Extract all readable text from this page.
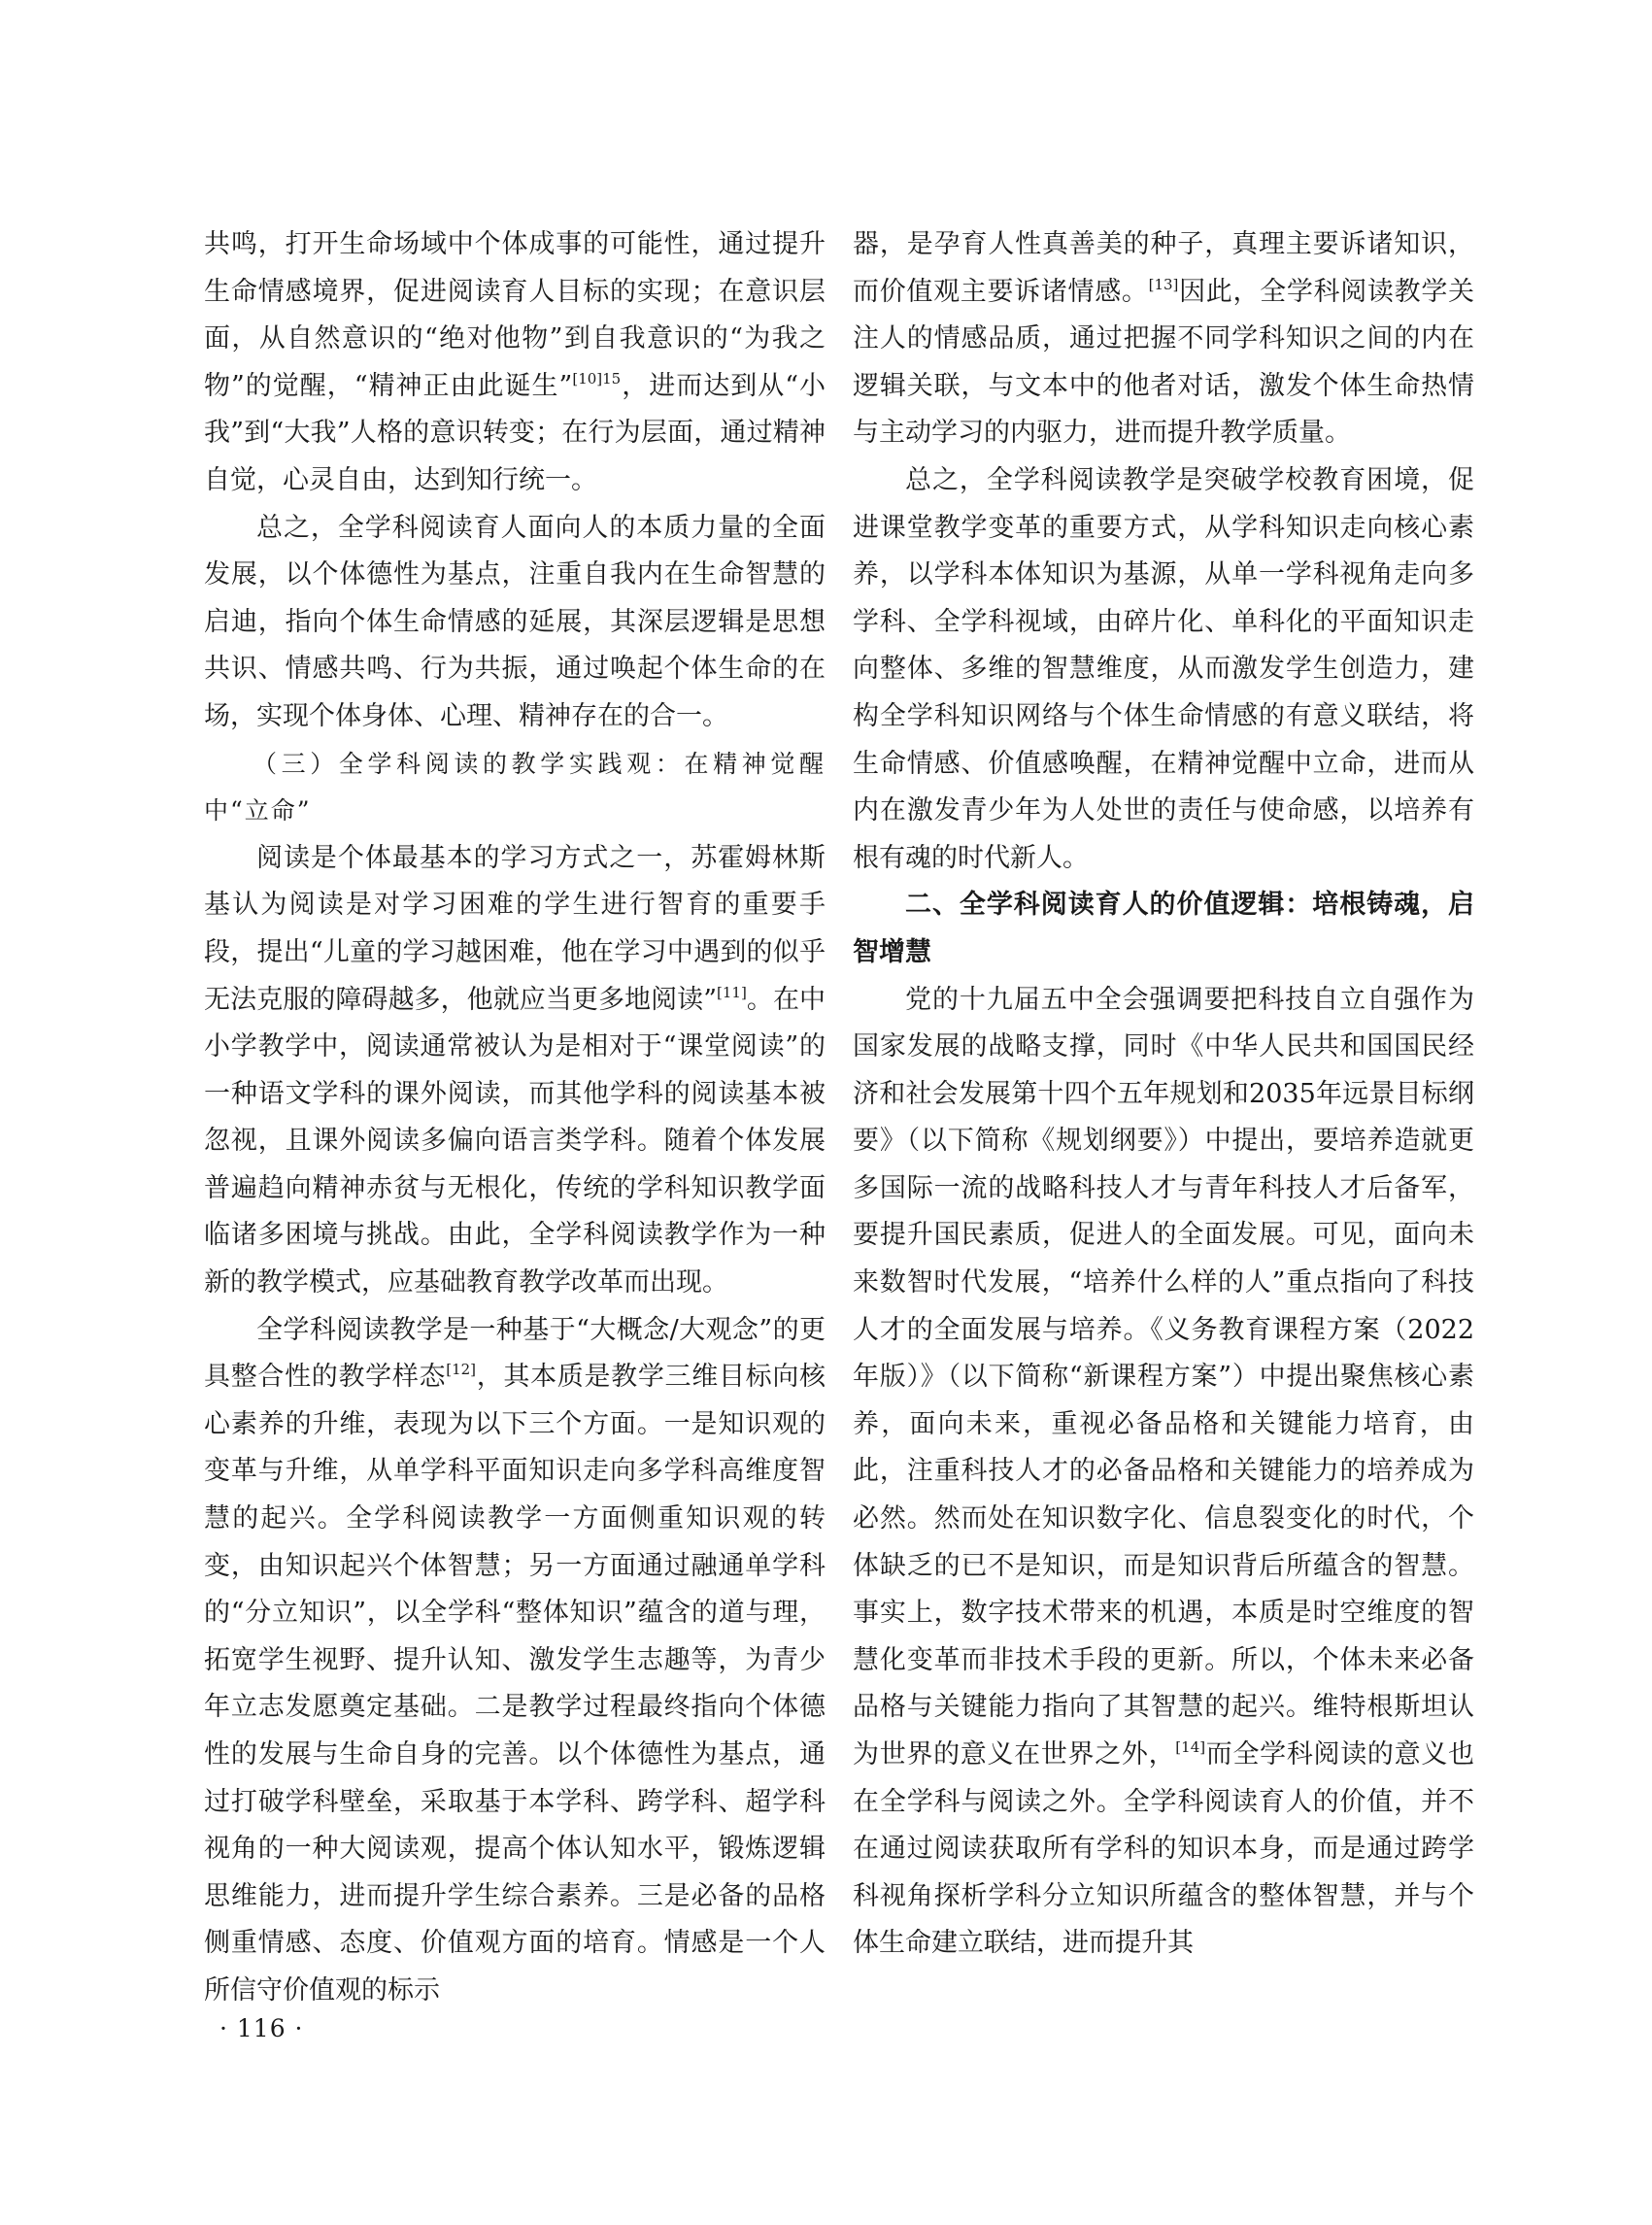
共鸣，打开生命场域中个体成事的可能性，通过提升生命情感境界，促进阅读育人目标的实现；在意识层面，从自然意识的“绝对他物”到自我意识的“为我之物”的觉醒，“精神正由此诞生”$^{[10]15}$，进而达到从“小我”到“大我”人格的意识转变；在行为层面，通过精神自觉，心灵自由，达到知行统一。

总之，全学科阅读育人面向人的本质力量的全面发展，以个体德性为基点，注重自我内在生命智慧的启迪，指向个体生命情感的延展，其深层逻辑是思想共识、情感共鸣、行为共振，通过唤起个体生命的在场，实现个体身体、心理、精神存在的合一。

（三）全学科阅读的教学实践观：在精神觉醒中“立命”

阅读是个体最基本的学习方式之一，苏霍姆林斯基认为阅读是对学习困难的学生进行智育的重要手段，提出“儿童的学习越困难，他在学习中遇到的似乎无法克服的障碍越多，他就应当更多地阅读”[11]。在中小学教学中，阅读通常被认为是相对于“课堂阅读”的一种语文学科的课外阅读，而其他学科的阅读基本被忽视，且课外阅读多偏向语言类学科。随着个体发展普遍趋向精神赤贫与无根化，传统的学科知识教学面临诸多困境与挑战。由此，全学科阅读教学作为一种新的教学模式，应基础教育教学改革而出现。

全学科阅读教学是一种基于“大概念/大观念”的更具整合性的教学样态[12]，其本质是教学三维目标向核心素养的升维，表现为以下三个方面。一是知识观的变革与升维，从单学科平面知识走向多学科高维度智慧的起兴。全学科阅读教学一方面侧重知识观的转变，由知识起兴个体智慧；另一方面通过融通单学科的“分立知识”，以全学科“整体知识”蕴含的道与理，拓宽学生视野、提升认知、激发学生志趣等，为青少年立志发愿奠定基础。二是教学过程最终指向个体德性的发展与生命自身的完善。以个体德性为基点，通过打破学科壁垒，采取基于本学科、跨学科、超学科视角的一种大阅读观，提高个体认知水平，锻炼逻辑思维能力，进而提升学生综合素养。三是必备的品格侧重情感、态度、价值观方面的培育。情感是一个人所信守价值观的标示

器，是孕育人性真善美的种子，真理主要诉诸知识，而价值观主要诉诸情感。[13]因此，全学科阅读教学关注人的情感品质，通过把握不同学科知识之间的内在逻辑关联，与文本中的他者对话，激发个体生命热情与主动学习的内驱力，进而提升教学质量。

总之，全学科阅读教学是突破学校教育困境，促进课堂教学变革的重要方式，从学科知识走向核心素养，以学科本体知识为基源，从单一学科视角走向多学科、全学科视域，由碎片化、单科化的平面知识走向整体、多维的智慧维度，从而激发学生创造力，建构全学科知识网络与个体生命情感的有意义联结，将生命情感、价值感唤醒，在精神觉醒中立命，进而从内在激发青少年为人处世的责任与使命感，以培养有根有魂的时代新人。

二、全学科阅读育人的价值逻辑：培根铸魂，启智增慧

党的十九届五中全会强调要把科技自立自强作为国家发展的战略支撑，同时《中华人民共和国国民经济和社会发展第十四个五年规划和2035年远景目标纲要》（以下简称《规划纲要》）中提出，要培养造就更多国际一流的战略科技人才与青年科技人才后备军，要提升国民素质，促进人的全面发展。可见，面向未来数智时代发展，“培养什么样的人”重点指向了科技人才的全面发展与培养。《义务教育课程方案（2022年版）》（以下简称“新课程方案”）中提出聚焦核心素养，面向未来，重视必备品格和关键能力培育，由此，注重科技人才的必备品格和关键能力的培养成为必然。然而处在知识数字化、信息裂变化的时代，个体缺乏的已不是知识，而是知识背后所蕴含的智慧。事实上，数字技术带来的机遇，本质是时空维度的智慧化变革而非技术手段的更新。所以，个体未来必备品格与关键能力指向了其智慧的起兴。维特根斯坦认为世界的意义在世界之外，[14]而全学科阅读的意义也在全学科与阅读之外。全学科阅读育人的价值，并不在通过阅读获取所有学科的知识本身，而是通过跨学科视角探析学科分立知识所蕴含的整体智慧，并与个体生命建立联结，进而提升其

· 116 ·
